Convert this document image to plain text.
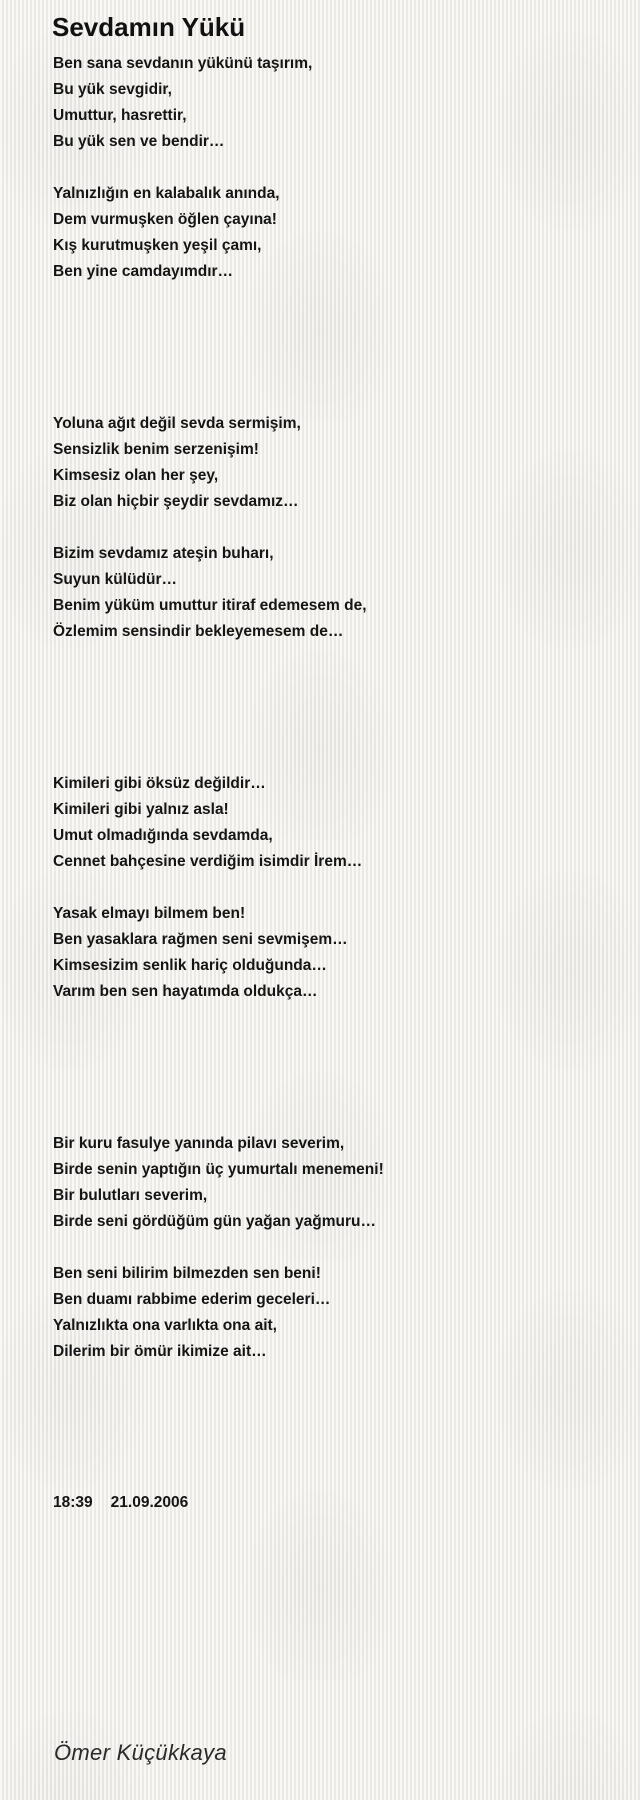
Sevdamın Yükü
Ben sana sevdanın yükünü taşırım,
Bu yük sevgidir,
Umuttur, hasrettir,
Bu yük sen ve bendir…
Yalnızlığın en kalabalık anında,
Dem vurmuşken öğlen çayına!
Kış kurutmuşken yeşil çamı,
Ben yine camdayımdır…
Yoluna ağıt değil sevda sermişim,
Sensizlik benim serzenişim!
Kimsesiz olan her şey,
Biz olan hiçbir şeydir sevdamız…
Bizim sevdamız ateşin buharı,
Suyun külüdür…
Benim yüküm umuttur itiraf edemesem de,
Özlemim sensindir bekleyemesem de…
Kimileri gibi öksüz değildir…
Kimileri gibi yalnız asla!
Umut olmadığında sevdamda,
Cennet bahçesine verdiğim isimdir İrem…
Yasak elmayı bilmem ben!
Ben yasaklara rağmen seni sevmişem…
Kimsesizim senlik hariç olduğunda…
Varım ben sen hayatımda oldukça…
Bir kuru fasulye yanında pilavı severim,
Birde senin yaptığın üç yumurtalı menemeni!
Bir bulutları severim,
Birde seni gördüğüm gün yağan yağmuru…
Ben seni bilirim bilmezden sen beni!
Ben duamı rabbime ederim geceleri…
Yalnızlıkta ona varlıkta ona ait,
Dilerim bir ömür ikimize ait…
18:39 21.09.2006
Ömer Küçükkaya
